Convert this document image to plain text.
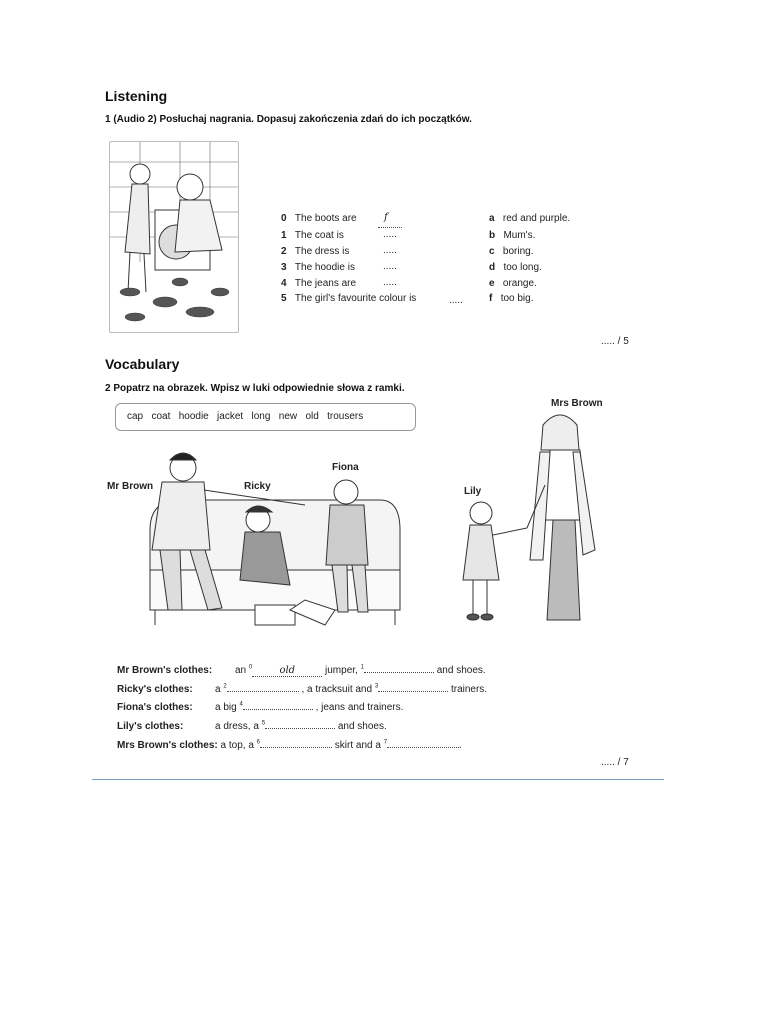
Listening
1 (Audio 2) Posłuchaj nagrania. Dopasuj zakończenia zdań do ich początków.
0 The boots are	f	a red and purple.
1 The coat is	.....	b Mum's.
2 The dress is	.....	c boring.
3 The hoodie is	.....	d too long.
4 The jeans are	.....	e orange.
5 The girl's favourite colour is	.....	f too big.
..... / 5
Vocabulary
2 Popatrz na obrazek. Wpisz w luki odpowiednie słowa z ramki.
cap   coat   hoodie   jacket   long   new   old   trousers
Mr Brown	Ricky
Fiona
Lily
Mrs Brown
Mr Brown's clothes: an $^0$	old	jumper, $^1$	and shoes.
Ricky's clothes: a $^2$	, a tracksuit and $^3$	trainers.
Fiona's clothes: a big $^4$	, jeans and trainers.
Lily's clothes:	a dress, a $^5$	and shoes.
Mrs Brown's clothes: a top, a $^6$	skirt and a $^7$	.
..... / 7
